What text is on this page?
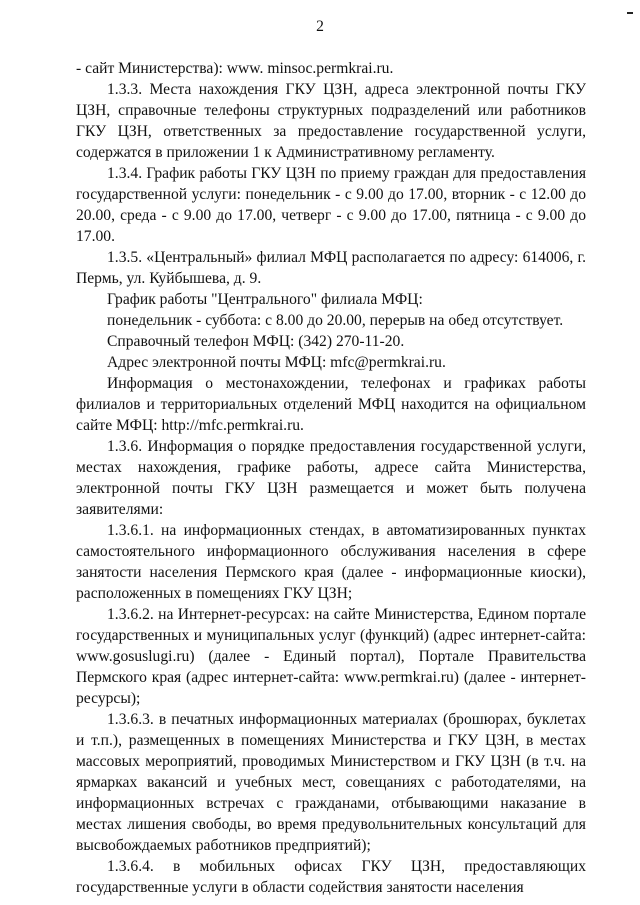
2

- сайт Министерства): www. minsoc.permkrai.ru.

1.3.3. Места нахождения ГКУ ЦЗН, адреса электронной почты ГКУ ЦЗН, справочные телефоны структурных подразделений или работников ГКУ ЦЗН, ответственных за предоставление государственной услуги, содержатся в приложении 1 к Административному регламенту.

1.3.4. График работы ГКУ ЦЗН по приему граждан для предоставления государственной услуги: понедельник - с 9.00 до 17.00, вторник - с 12.00 до 20.00, среда - с 9.00 до 17.00, четверг - с 9.00 до 17.00, пятница - с 9.00 до 17.00.

1.3.5. «Центральный» филиал МФЦ располагается по адресу: 614006, г. Пермь, ул. Куйбышева, д. 9.

График работы "Центрального" филиала МФЦ:

понедельник - суббота: с 8.00 до 20.00, перерыв на обед отсутствует.

Справочный телефон МФЦ: (342) 270-11-20.

Адрес электронной почты МФЦ: mfc@permkrai.ru.

Информация о местонахождении, телефонах и графиках работы филиалов и территориальных отделений МФЦ находится на официальном сайте МФЦ: http://mfc.permkrai.ru.

1.3.6. Информация о порядке предоставления государственной услуги, местах нахождения, графике работы, адресе сайта Министерства, электронной почты ГКУ ЦЗН размещается и может быть получена заявителями:

1.3.6.1. на информационных стендах, в автоматизированных пунктах самостоятельного информационного обслуживания населения в сфере занятости населения Пермского края (далее - информационные киоски), расположенных в помещениях ГКУ ЦЗН;

1.3.6.2. на Интернет-ресурсах: на сайте Министерства, Едином портале государственных и муниципальных услуг (функций) (адрес интернет-сайта: www.gosuslugi.ru) (далее - Единый портал), Портале Правительства Пермского края (адрес интернет-сайта: www.permkrai.ru) (далее - интернет-ресурсы);

1.3.6.3. в печатных информационных материалах (брошюрах, буклетах и т.п.), размещенных в помещениях Министерства и ГКУ ЦЗН, в местах массовых мероприятий, проводимых Министерством и ГКУ ЦЗН (в т.ч. на ярмарках вакансий и учебных мест, совещаниях с работодателями, на информационных встречах с гражданами, отбывающими наказание в местах лишения свободы, во время предувольнительных консультаций для высвобождаемых работников предприятий);

1.3.6.4. в мобильных офисах ГКУ ЦЗН, предоставляющих государственные услуги в области содействия занятости населения
